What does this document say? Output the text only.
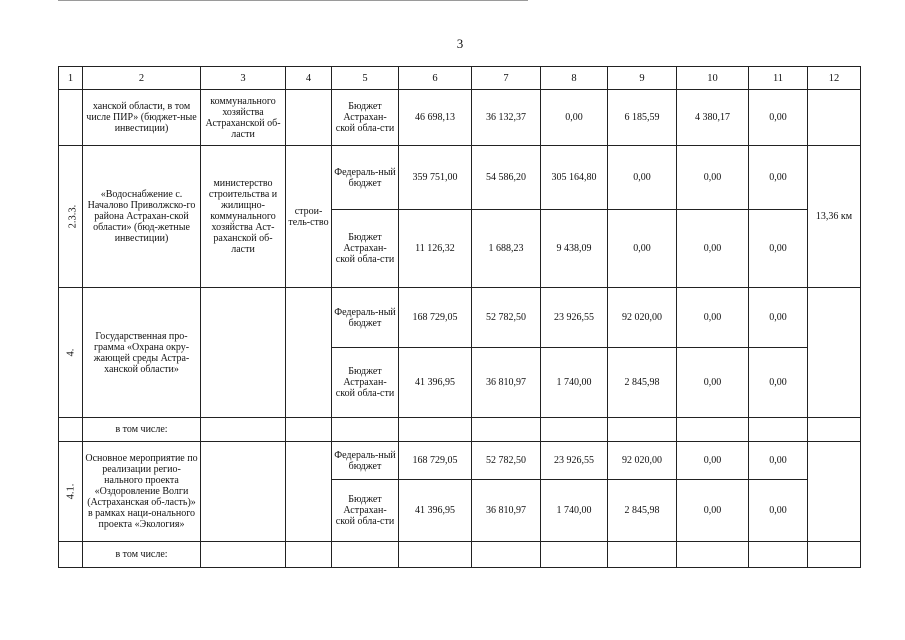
3
1	2	3	4	5	6	7	8	9	10	11	12
	ханской области, в том числе ПИР» (бюджет-ные инвестиции)	коммунального хозяйства Астраханской об-ласти		Бюджет Астрахан-ской обла-сти	46 698,13	36 132,37	0,00	6 185,59	4 380,17	0,00	
2.3.3.	«Водоснабжение с. Началово Приволжско-го района Астрахан-ской области» (бюд-жетные инвестиции)	министерство строительства и жилищно-коммунального хозяйства Аст-раханской об-ласти	строи-тель-ство	Федераль-ный бюджет	359 751,00	54 586,20	305 164,80	0,00	0,00	0,00	13,36 км
				Бюджет Астрахан-ской обла-сти	11 126,32	1 688,23	9 438,09	0,00	0,00	0,00	
4.	Государственная про-грамма «Охрана окру-жающей среды Астра-ханской области»			Федераль-ный бюджет	168 729,05	52 782,50	23 926,55	92 020,00	0,00	0,00	
				Бюджет Астрахан-ской обла-сти	41 396,95	36 810,97	1 740,00	2 845,98	0,00	0,00	
	в том числе:										
4.1.	Основное мероприятие по реализации регио-нального проекта «Оздоровление Волги (Астраханская об-ласть)» в рамках наци-онального проекта «Экология»			Федераль-ный бюджет	168 729,05	52 782,50	23 926,55	92 020,00	0,00	0,00	
				Бюджет Астрахан-ской обла-сти	41 396,95	36 810,97	1 740,00	2 845,98	0,00	0,00	
	в том числе:										
